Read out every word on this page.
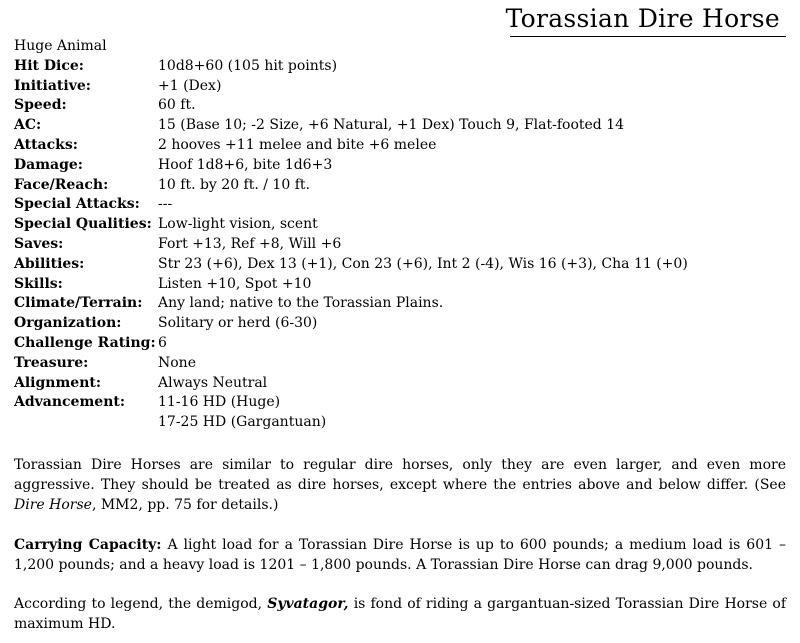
Torassian Dire Horse
Huge Animal
Hit Dice:	10d8+60 (105 hit points)
Initiative:	+1 (Dex)
Speed:	60 ft.
AC:	15 (Base 10; -2 Size, +6 Natural, +1 Dex) Touch 9, Flat-footed 14
Attacks:	2 hooves +11 melee and bite +6 melee
Damage:	Hoof 1d8+6, bite 1d6+3
Face/Reach:	10 ft. by 20 ft. / 10 ft.
Special Attacks:	---
Special Qualities: Low-light vision, scent
Saves:	Fort +13, Ref +8, Will +6
Abilities:	Str 23 (+6), Dex 13 (+1), Con 23 (+6), Int 2 (-4), Wis 16 (+3), Cha 11 (+0)
Skills:	Listen +10, Spot +10
Climate/Terrain:	Any land; native to the Torassian Plains.
Organization:	Solitary or herd (6-30)
Challenge Rating: 6
Treasure:	None
Alignment:	Always Neutral
Advancement:	11-16 HD (Huge)
17-25 HD (Gargantuan)
Torassian Dire Horses are similar to regular dire horses, only they are even larger, and even more aggressive. They should be treated as dire horses, except where the entries above and below differ. (See Dire Horse, MM2, pp. 75 for details.)
Carrying Capacity: A light load for a Torassian Dire Horse is up to 600 pounds; a medium load is 601 – 1,200 pounds; and a heavy load is 1201 – 1,800 pounds. A Torassian Dire Horse can drag 9,000 pounds.
According to legend, the demigod, Syvatagor, is fond of riding a gargantuan-sized Torassian Dire Horse of maximum HD.
